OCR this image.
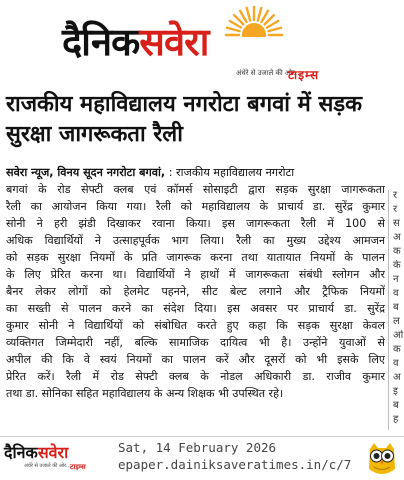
दैनिकसवेरा
अंधेरे से उजाले की ओर...
टाइम्स
राजकीय महाविद्यालय नगरोटा बगवां में सड़क सुरक्षा जागरूकता रैली
सवेरा न्यूज, विनय सूदन नगरोटा बगवां, : राजकीय महाविद्यालय नगरोटा
बगवां के रोड सेफ्टी क्लब एवं कॉमर्स सोसाइटी द्वारा सड़क सुरक्षा जागरूकता
रैली का आयोजन किया गया। रैली को महाविद्यालय के प्राचार्य डा. सुरेंद्र कुमार
सोनी ने हरी झंडी दिखाकर रवाना किया। इस जागरूकता रैली में 100 से
अधिक विद्यार्थियों ने उत्साहपूर्वक भाग लिया। रैली का मुख्य उद्देश्य आमजन
को सड़क सुरक्षा नियमों के प्रति जागरूक करना तथा यातायात नियमों के पालन
के लिए प्रेरित करना था। विद्यार्थियों ने हाथों में जागरूकता संबंधी स्लोगन और
बैनर लेकर लोगों को हेलमेट पहनने, सीट बेल्ट लगाने और ट्रैफिक नियमों
का सख्ती से पालन करने का संदेश दिया। इस अवसर पर प्राचार्य डा. सुरेंद्र
कुमार सोनी ने विद्यार्थियों को संबोधित करते हुए कहा कि सड़क सुरक्षा केवल
व्यक्तिगत जिम्मेदारी नहीं, बल्कि सामाजिक दायित्व भी है। उन्होंने युवाओं से
अपील की कि वे स्वयं नियमों का पालन करें और दूसरों को भी इसके लिए
प्रेरित करें। रैली में रोड सेफ्टी क्लब के नोडल अधिकारी डा. राजीव कुमार
तथा डा. सोनिका सहित महाविद्यालय के अन्य शिक्षक भी उपस्थित रहे।
र
र
स
अ
क
के
न
व
ब
ल
ओ
क
व
अ
इ
ब
ह
दैनिकसवेरा
अंधेरे से उजाले की ओर... टाइम्स
Sat, 14 February 2026
epaper.dainiksaveratimes.in/c/7
